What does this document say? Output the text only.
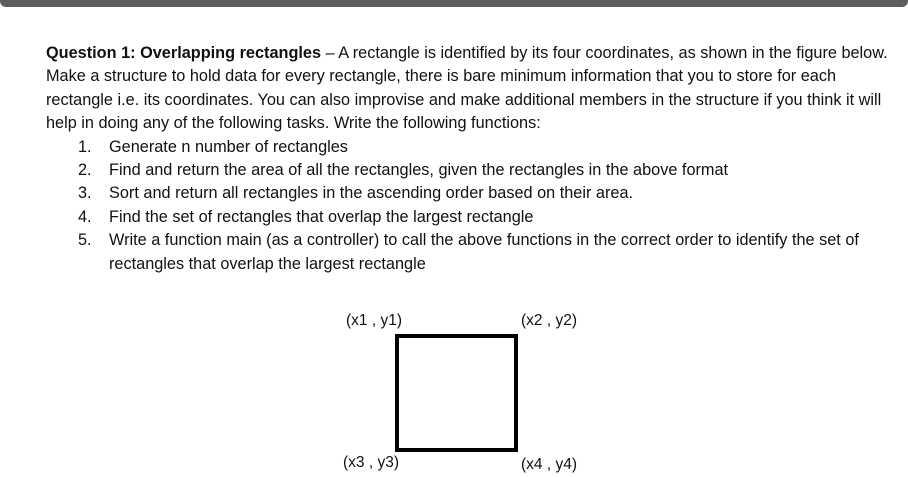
Question 1: Overlapping rectangles – A rectangle is identified by its four coordinates, as shown in the figure below. Make a structure to hold data for every rectangle, there is bare minimum information that you to store for each rectangle i.e. its coordinates. You can also improvise and make additional members in the structure if you think it will help in doing any of the following tasks. Write the following functions:

1. Generate n number of rectangles
2. Find and return the area of all the rectangles, given the rectangles in the above format
3. Sort and return all rectangles in the ascending order based on their area.
4. Find the set of rectangles that overlap the largest rectangle
5. Write a function main (as a controller) to call the above functions in the correct order to identify the set of rectangles that overlap the largest rectangle
(x1 , y1)	(x2 , y2)
(x3 , y3)	(x4 , y4)
